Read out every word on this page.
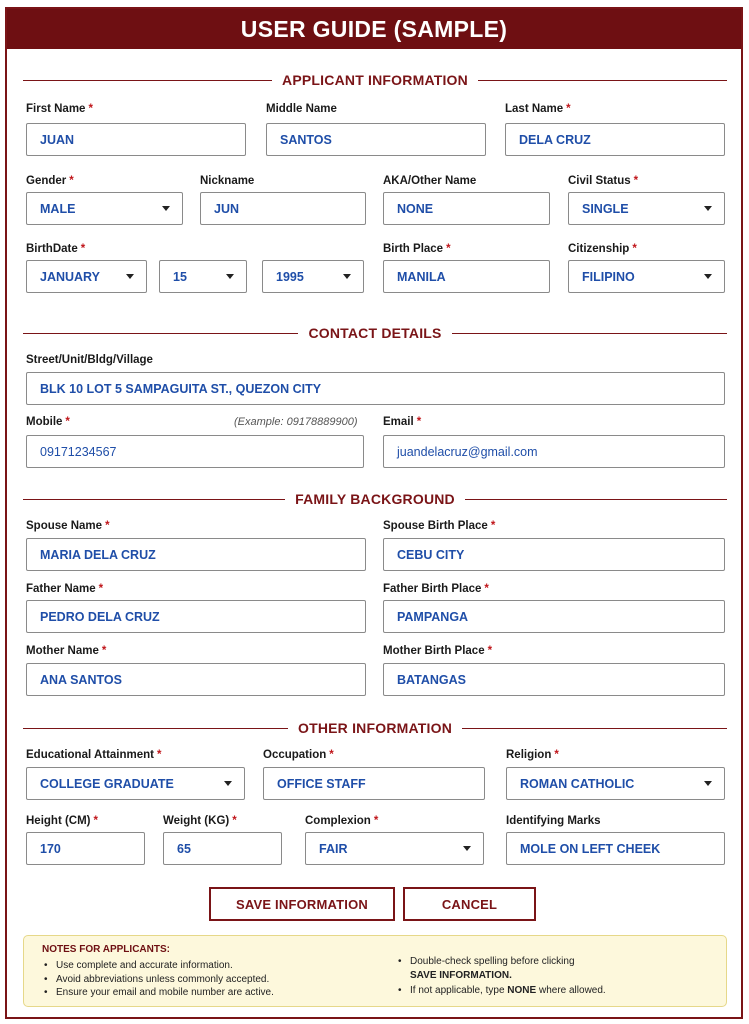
USER GUIDE (SAMPLE)
APPLICANT INFORMATION
First Name *
JUAN
Middle Name
SANTOS
Last Name *
DELA CRUZ
Gender *
MALE
Nickname
JUN
AKA/Other Name
NONE
Civil Status *
SINGLE
BirthDate *
JANUARY	15	1995
Birth Place *
MANILA
Citizenship *
FILIPINO
CONTACT DETAILS
Street/Unit/Bldg/Village
BLK 10 LOT 5 SAMPAGUITA ST., QUEZON CITY
Mobile *	(Example: 09178889900)
09171234567
Email *
juandelacruz@gmail.com
FAMILY BACKGROUND
Spouse Name *
MARIA DELA CRUZ
Spouse Birth Place *
CEBU CITY
Father Name *
PEDRO DELA CRUZ
Father Birth Place *
PAMPANGA
Mother Name *
ANA SANTOS
Mother Birth Place *
BATANGAS
OTHER INFORMATION
Educational Attainment *
COLLEGE GRADUATE
Occupation *
OFFICE STAFF
Religion *
ROMAN CATHOLIC
Height (CM) *
170
Weight (KG) *
65
Complexion *
FAIR
Identifying Marks
MOLE ON LEFT CHEEK
SAVE INFORMATION	CANCEL
NOTES FOR APPLICANTS:
• Use complete and accurate information.
• Avoid abbreviations unless commonly accepted.
• Ensure your email and mobile number are active.
• Double-check spelling before clicking
SAVE INFORMATION.
• If not applicable, type NONE where allowed.
